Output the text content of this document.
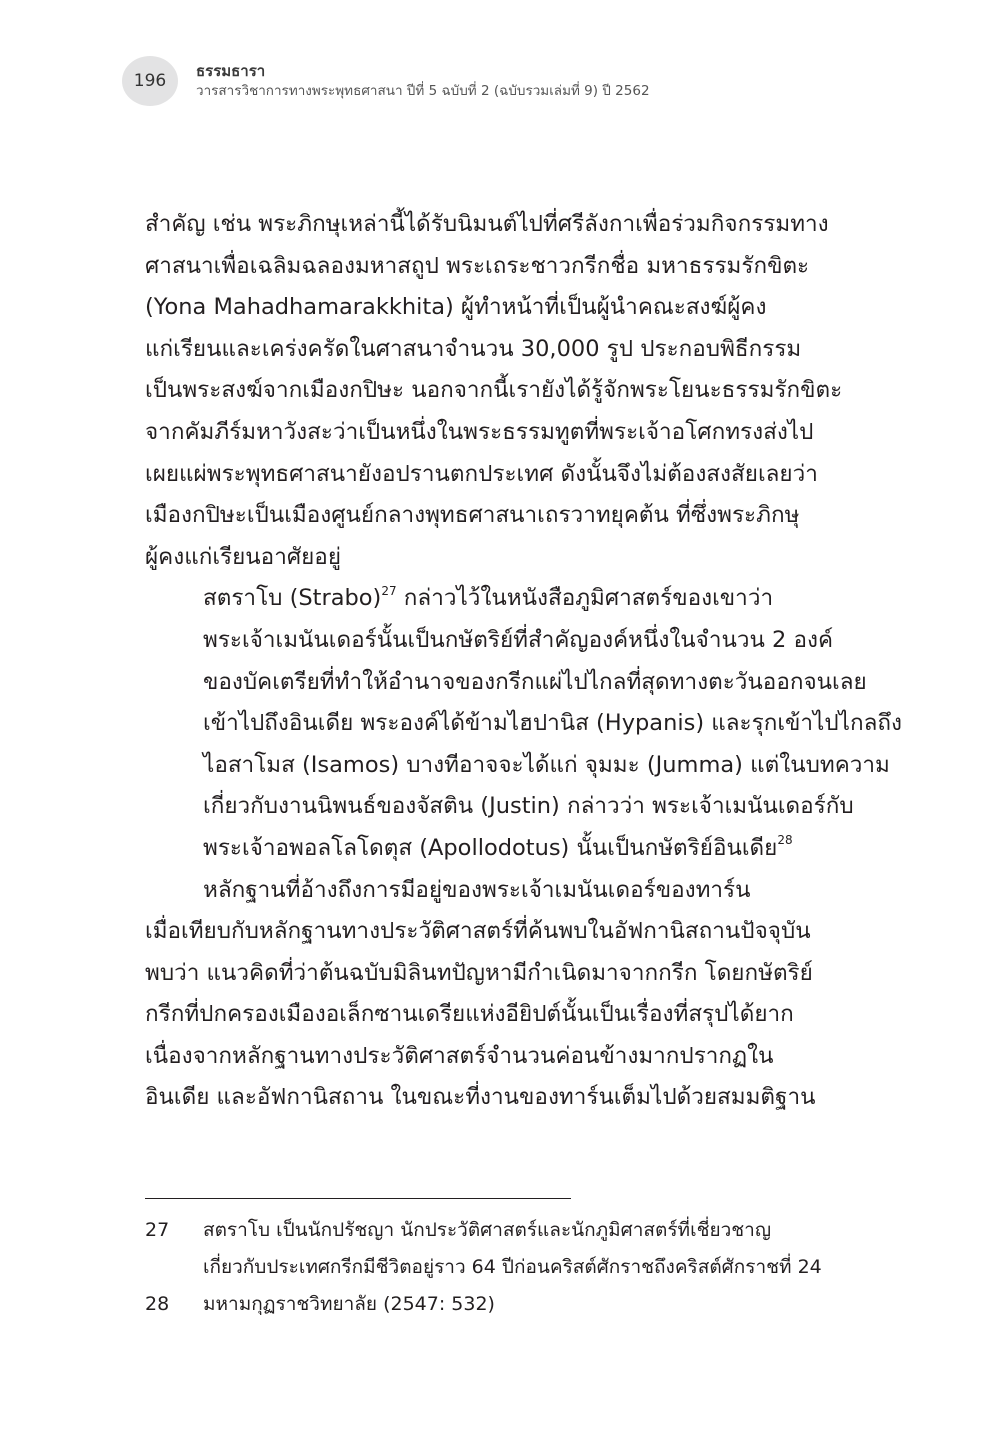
196 ธรรมธารา
วารสารวิชาการทางพระพุทธศาสนา ปีที่ 5 ฉบับที่ 2 (ฉบับรวมเล่มที่ 9) ปี 2562

สำคัญ เช่น พระภิกษุเหล่านี้ได้รับนิมนต์ไปที่ศรีลังกาเพื่อร่วมกิจกรรมทาง
ศาสนาเพื่อเฉลิมฉลองมหาสถูป พระเถระชาวกรีกชื่อ มหาธรรมรักขิตะ
(Yona Mahadhamarakkhita) ผู้ทำหน้าที่เป็นผู้นำคณะสงฆ์ผู้คง
แก่เรียนและเคร่งครัดในศาสนาจำนวน 30,000 รูป ประกอบพิธีกรรม
เป็นพระสงฆ์จากเมืองกปิษะ นอกจากนี้เรายังได้รู้จักพระโยนะธรรมรักขิตะ
จากคัมภีร์มหาวังสะว่าเป็นหนึ่งในพระธรรมทูตที่พระเจ้าอโศกทรงส่งไป
เผยแผ่พระพุทธศาสนายังอปรานตกประเทศ ดังนั้นจึงไม่ต้องสงสัยเลยว่า
เมืองกปิษะเป็นเมืองศูนย์กลางพุทธศาสนาเถรวาทยุคต้น ที่ซึ่งพระภิกษุ
ผู้คงแก่เรียนอาศัยอยู่

สตราโบ (Strabo)$^{27}$ กล่าวไว้ในหนังสือภูมิศาสตร์ของเขาว่า
พระเจ้าเมนันเดอร์นั้นเป็นกษัตริย์ที่สำคัญองค์หนึ่งในจำนวน 2 องค์
ของบัคเตรียที่ทำให้อำนาจของกรีกแผ่ไปไกลที่สุดทางตะวันออกจนเลย
เข้าไปถึงอินเดีย พระองค์ได้ข้ามไฮปานิส (Hypanis) และรุกเข้าไปไกลถึง
ไอสาโมส (Isamos) บางทีอาจจะได้แก่ จุมมะ (Jumma) แต่ในบทความ
เกี่ยวกับงานนิพนธ์ของจัสติน (Justin) กล่าวว่า พระเจ้าเมนันเดอร์กับ
พระเจ้าอพอลโลโดตุส (Apollodotus) นั้นเป็นกษัตริย์อินเดีย$^{28}$

หลักฐานที่อ้างถึงการมีอยู่ของพระเจ้าเมนันเดอร์ของทาร์น
เมื่อเทียบกับหลักฐานทางประวัติศาสตร์ที่ค้นพบในอัฟกานิสถานปัจจุบัน
พบว่า แนวคิดที่ว่าต้นฉบับมิลินทปัญหามีกำเนิดมาจากกรีก โดยกษัตริย์
กรีกที่ปกครองเมืองอเล็กซานเดรียแห่งอียิปต์นั้นเป็นเรื่องที่สรุปได้ยาก
เนื่องจากหลักฐานทางประวัติศาสตร์จำนวนค่อนข้างมากปรากฏใน
อินเดีย และอัฟกานิสถาน ในขณะที่งานของทาร์นเต็มไปด้วยสมมติฐาน

27	สตราโบ เป็นนักปรัชญา นักประวัติศาสตร์และนักภูมิศาสตร์ที่เชี่ยวชาญ
เกี่ยวกับประเทศกรีกมีชีวิตอยู่ราว 64 ปีก่อนคริสต์ศักราชถึงคริสต์ศักราชที่ 24
28	มหามกุฏราชวิทยาลัย (2547: 532)
